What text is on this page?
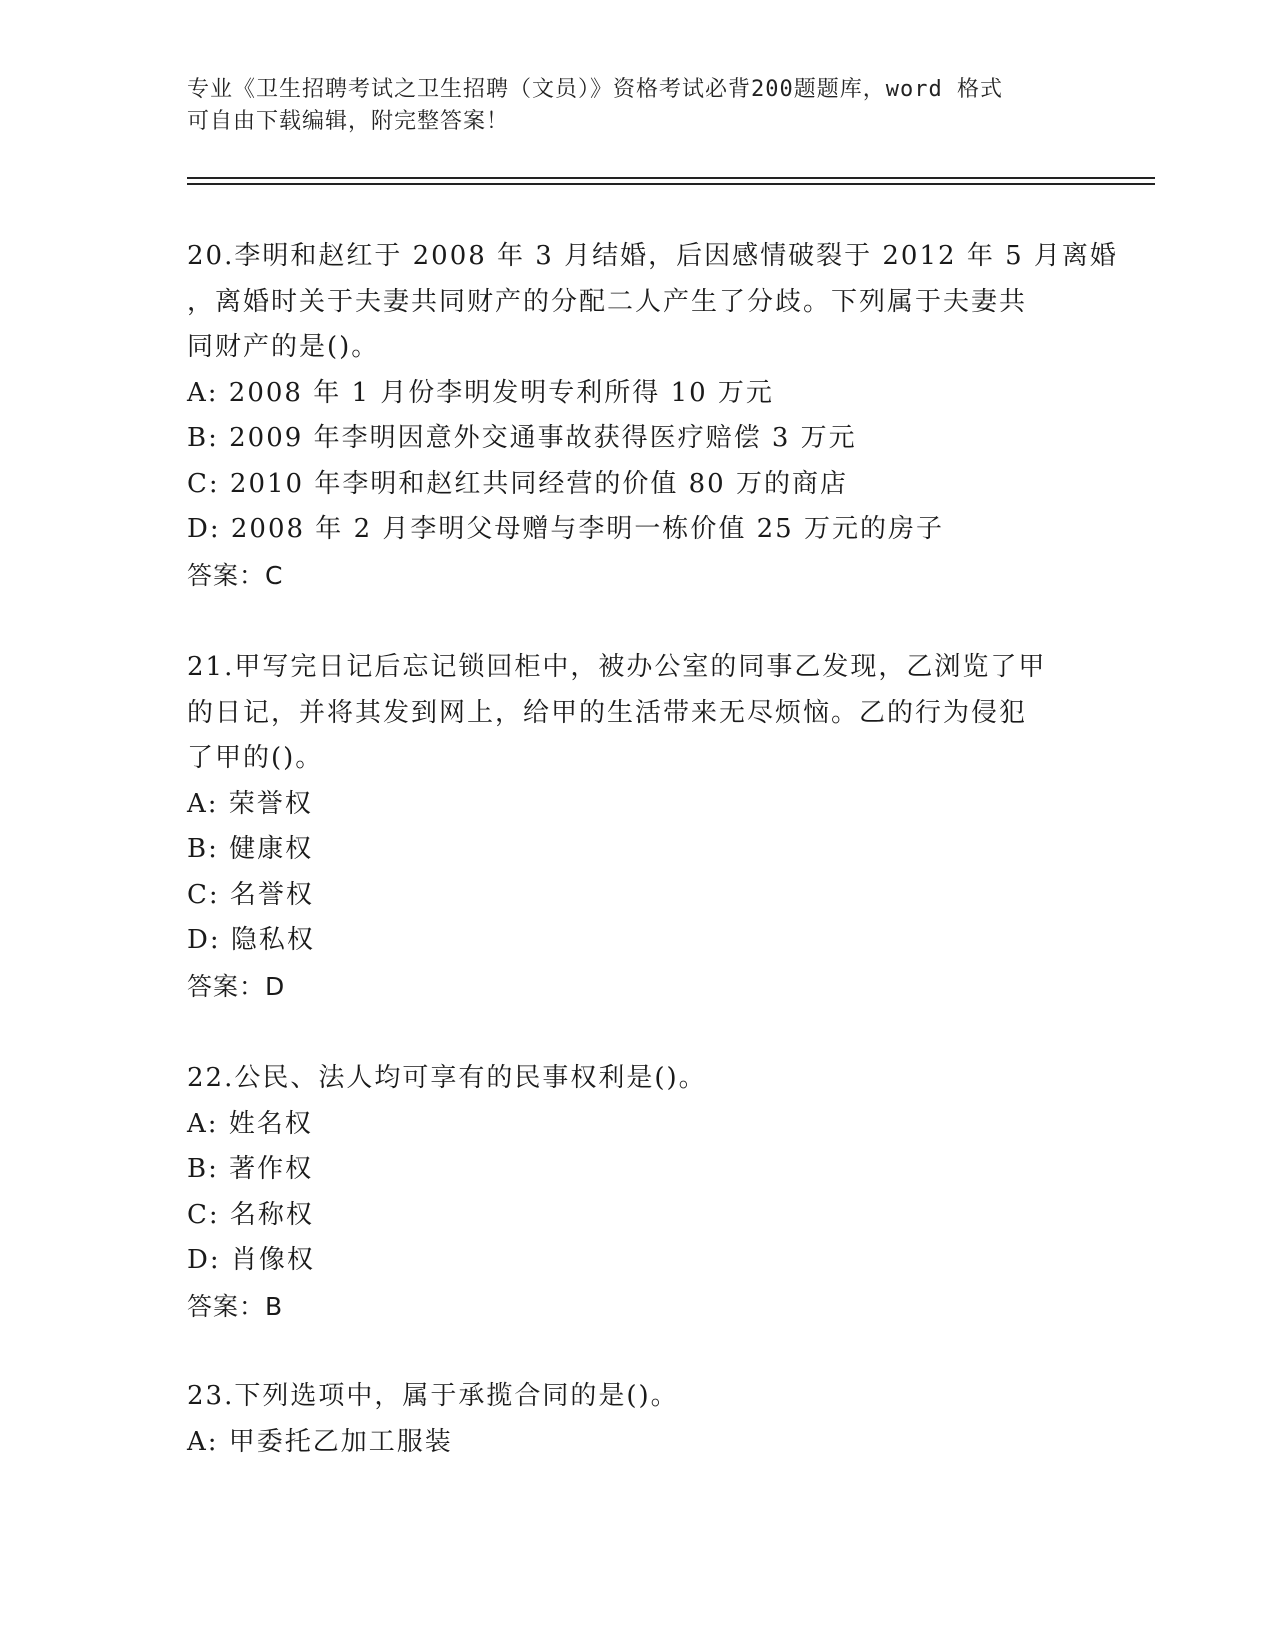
专业《卫生招聘考试之卫生招聘（文员）》资格考试必背200题题库，word 格式
可自由下载编辑，附完整答案！
20.李明和赵红于 2008 年 3 月结婚，后因感情破裂于 2012 年 5 月离婚
，离婚时关于夫妻共同财产的分配二人产生了分歧。下列属于夫妻共
同财产的是()。
A: 2008 年 1 月份李明发明专利所得 10 万元
B: 2009 年李明因意外交通事故获得医疗赔偿 3 万元
C: 2010 年李明和赵红共同经营的价值 80 万的商店
D: 2008 年 2 月李明父母赠与李明一栋价值 25 万元的房子
答案：C
21.甲写完日记后忘记锁回柜中，被办公室的同事乙发现，乙浏览了甲
的日记，并将其发到网上，给甲的生活带来无尽烦恼。乙的行为侵犯
了甲的()。
A: 荣誉权
B: 健康权
C: 名誉权
D: 隐私权
答案：D
22.公民、法人均可享有的民事权利是()。
A: 姓名权
B: 著作权
C: 名称权
D: 肖像权
答案：B
23.下列选项中，属于承揽合同的是()。
A: 甲委托乙加工服装
